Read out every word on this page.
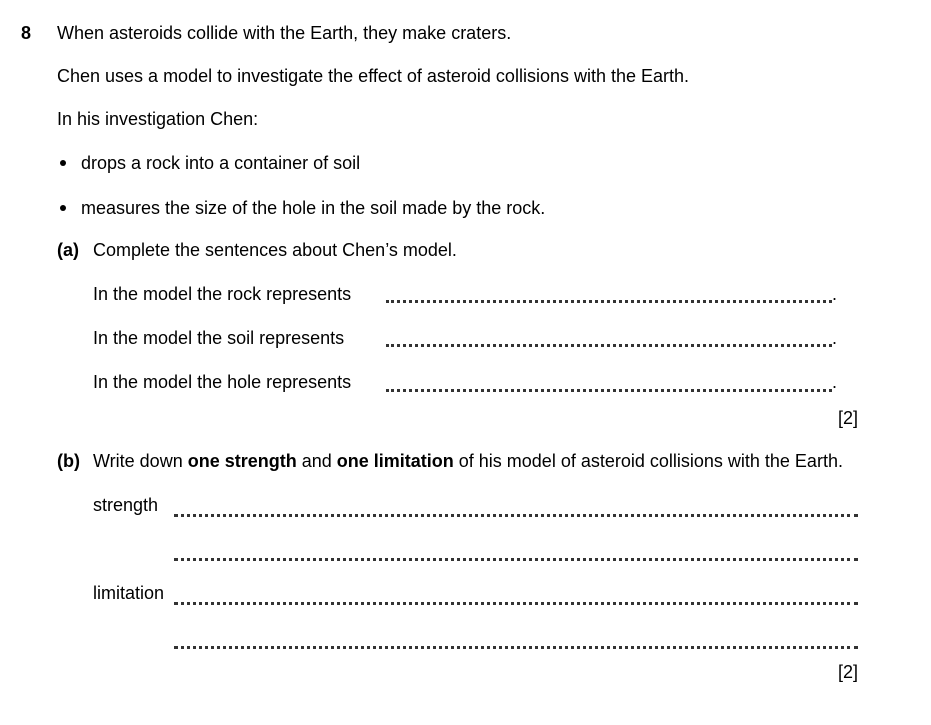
8 When asteroids collide with the Earth, they make craters.
Chen uses a model to investigate the effect of asteroid collisions with the Earth.
In his investigation Chen:
drops a rock into a container of soil
measures the size of the hole in the soil made by the rock.
(a) Complete the sentences about Chen’s model.
In the model the rock represents	.
In the model the soil represents	.
In the model the hole represents	.
[2]
(b) Write down one strength and one limitation of his model of asteroid collisions with the Earth.
strength
limitation
[2]
